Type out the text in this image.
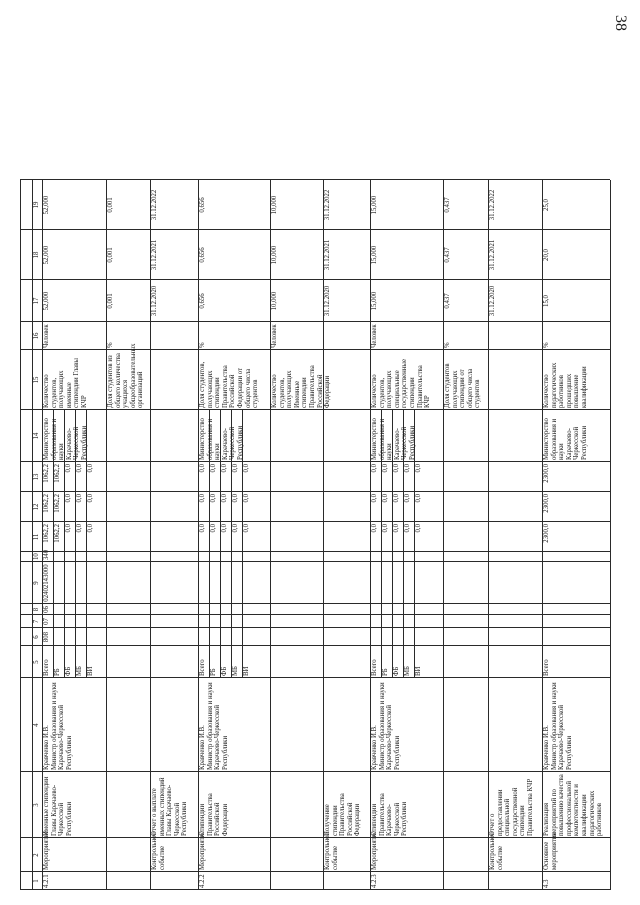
38
1
2
3
4
5
6
7
8
9
10
11
12
13
14
15
16
17
18
19
4.2.1
Мероприятие
Именные стипендии Главы Карачаево-Черкесской Республики
Кравченко И.В.
Министр образования и науки Карачаево-Черкесской Республики
Всего
1062,2
1062,2
1062,2
РБ
1062,2
1062,2
1062,2
ФБ
0,0
0,0
0,0
МБ
0,0
0,0
0,0
ВИ
0,0
0,0
0,0
808
07
06
02402143000
340
Министерство образования и науки Карачаево-Черкесской Республики
Количество студентов, получающих именные стипендии Главы КЧР
Человек
52,000
52,000
52,000
Доля студентов из общего количества учащихся общеобразовательных организаций
%
0,001
0,001
0,001
Контрольное событие
Отчет о выплате именных стипендий Главы Карачаево-Черкесской Республики
31.12.2020
31.12.2021
31.12.2022
4.2.2
Мероприятие
Стипендии Правительства Российской Федерации
Кравченко И.В.
Министр образования и науки Карачаево-Черкесской Республики
Всего
0,0
0,0
0,0
РБ
0,0
0,0
0,0
ФБ
0,0
0,0
0,0
МБ
0,0
0,0
0,0
ВИ
0,0
0,0
0,0
Министерство образования и науки Карачаево-Черкесской Республики
Доля студентов, получающих стипендии Правительства Российской Федерации от общего числа студентов
%
0,656
0,656
0,656
Количество студентов, получающих Именные стипендии Правительства Российской Федерации
Человек
10,000
10,000
10,000
Контрольное событие
Получение стипендии Правительства Российской Федерации
31.12.2020
31.12.2021
31.12.2022
4.2.3
Мероприятие
Стипендии Правительства Карачаево-Черкесской Республики
Кравченко И.В.
Министр образования и науки Карачаево-Черкесской Республики
Всего
0,0
0,0
0,0
РБ
0,0
0,0
0,0
ФБ
0,0
0,0
0,0
МБ
0,0
0,0
0,0
ВИ
0,0
0,0
0,0
Министерство образования и науки Карачаево-Черкесской Республики
Количество студентов, получающих специальные государственные стипендии Правительства КЧР
Человек
15,000
15,000
15,000
Доля студентов получающих стипендии от общего числа студентов
%
0,437
0,437
0,437
Контрольное событие
Отчет о предоставлении специальной государственной стипендии Правительства КЧР
31.12.2020
31.12.2021
31.12.2022
4.3
Основное мероприятие
Реализация мероприятий по повышению качества профессиональной компетентности и квалификации педагогических работников
Кравченко И.В.
Министр образования и науки Карачаево-Черкесской Республики
Всего
2300,0
2300,0
2300,0
Министерство образования и науки Карачаево-Черкесской Республики
Количество педагогических работников прошедших повышение квалификации
%
15,0
20,0
25,0
